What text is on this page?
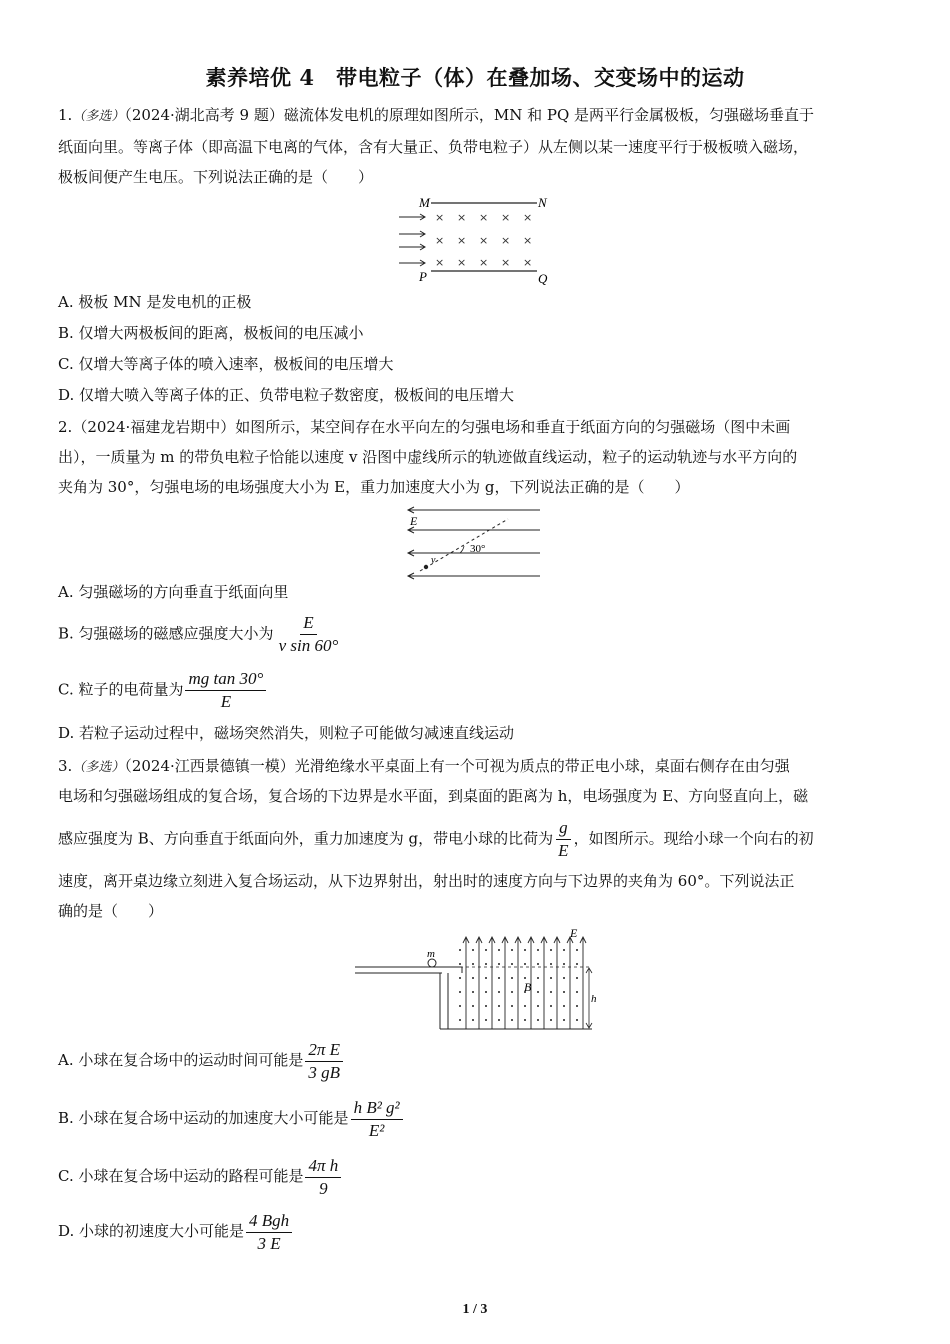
素养培优 4　带电粒子（体）在叠加场、交变场中的运动
1.（多选）（2024·湖北高考 9 题）磁流体发电机的原理如图所示，MN 和 PQ 是两平行金属极板，匀强磁场垂直于
纸面向里。等离子体（即高温下电离的气体，含有大量正、负带电粒子）从左侧以某一速度平行于极板喷入磁场，
极板间便产生电压。下列说法正确的是（　　）
M	N
P	Q
× × × × ×
× × × × ×
× × × × ×
A. 极板 MN 是发电机的正极
B. 仅增大两极板间的距离，极板间的电压减小
C. 仅增大等离子体的喷入速率，极板间的电压增大
D. 仅增大喷入等离子体的正、负带电粒子数密度，极板间的电压增大
2.（2024·福建龙岩期中）如图所示，某空间存在水平向左的匀强电场和垂直于纸面方向的匀强磁场（图中未画
出），一质量为 m 的带负电粒子恰能以速度 v 沿图中虚线所示的轨迹做直线运动，粒子的运动轨迹与水平方向的
夹角为 30°，匀强电场的电场强度大小为 E，重力加速度大小为 g，下列说法正确的是（　　）
E
v
30°
A. 匀强磁场的方向垂直于纸面向里
B. 匀强磁场的磁感应强度大小为 $\frac{E}{\text{v sin 60°}}$
C. 粒子的电荷量为 $\frac{\text{mg tan 30°}}{E}$
D. 若粒子运动过程中，磁场突然消失，则粒子可能做匀减速直线运动
3.（多选）（2024·江西景德镇一模）光滑绝缘水平桌面上有一个可视为质点的带正电小球，桌面右侧存在由匀强
电场和匀强磁场组成的复合场，复合场的下边界是水平面，到桌面的距离为 h，电场强度为 E、方向竖直向上，磁
感应强度为 B、方向垂直于纸面向外，重力加速度为 g，带电小球的比荷为 $\frac{g}{E}$ ，如图所示。现给小球一个向右的初
速度，离开桌边缘立刻进入复合场运动，从下边界射出，射出时的速度方向与下边界的夹角为 60°。下列说法正
确的是（　　）
m
E
B
h
A. 小球在复合场中的运动时间可能是 $\frac{\text{2π E}}{3 gB}$
B. 小球在复合场中运动的加速度大小可能是 $\frac{\text{h B² g²}}{\text{E²}}$
C. 小球在复合场中运动的路程可能是 $\frac{\text{4π h}}{9}$
D. 小球的初速度大小可能是 $\frac{\text{4 Bgh}}{3 E}$
1 / 3
